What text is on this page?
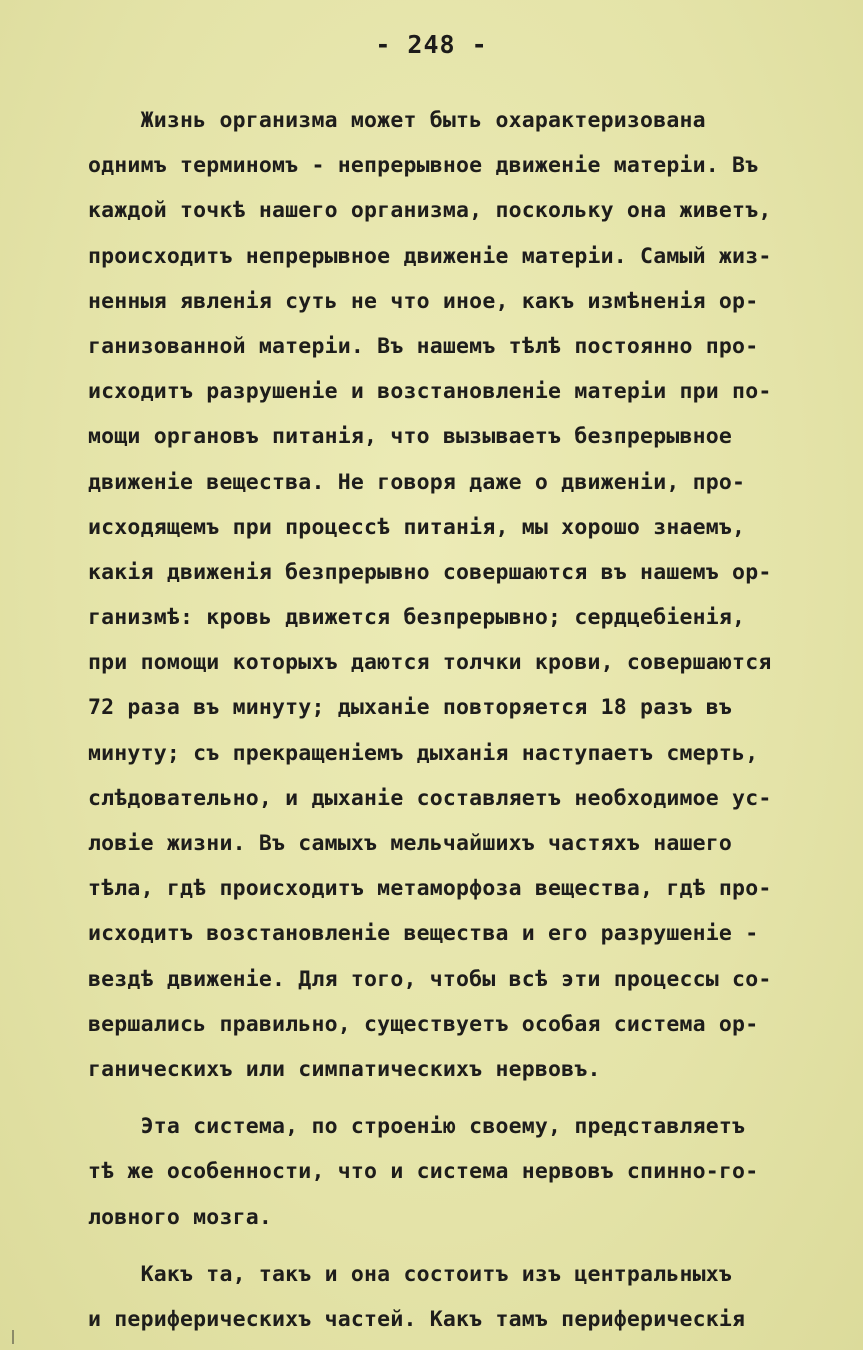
- 248 -
Жизнь организма может быть охарактеризована
однимъ терминомъ - непрерывное движенiе матерiи. Въ
каждой точкѣ нашего организма, поскольку она живетъ,
происходитъ непрерывное движенiе матерiи. Самый жиз-
ненныя явленiя суть не что иное, какъ измѣненiя ор-
ганизованной матерiи. Въ нашемъ тѣлѣ постоянно про-
исходитъ разрушенiе и возстановленiе матерiи при по-
мощи органовъ питанiя, что вызываетъ безпрерывное
движенiе вещества. Не говоря даже о движенiи, про-
исходящемъ при процессѣ питанiя, мы хорошо знаемъ,
какiя движенiя безпрерывно совершаются въ нашемъ ор-
ганизмѣ: кровь движется безпрерывно; сердцебiенiя,
при помощи которыхъ даются толчки крови, совершаются
72 раза въ минуту; дыханiе повторяется 18 разъ въ
минуту; съ прекращенiемъ дыханiя наступаетъ смерть,
слѣдовательно, и дыханiе составляетъ необходимое ус-
ловiе жизни. Въ самыхъ мельчайшихъ частяхъ нашего
тѣла, гдѣ происходитъ метаморфоза вещества, гдѣ про-
исходитъ возстановленiе вещества и его разрушенiе -
вездѣ движенiе. Для того, чтобы всѣ эти процессы со-
вершались правильно, существуетъ особая система ор-
ганическихъ или симпатическихъ нервовъ.
Эта система, по строенiю своему, представляетъ
тѣ же особенности, что и система нервовъ спинно-го-
ловного мозга.
Какъ та, такъ и она состоитъ изъ центральныхъ
и периферическихъ частей. Какъ тамъ периферическiя
